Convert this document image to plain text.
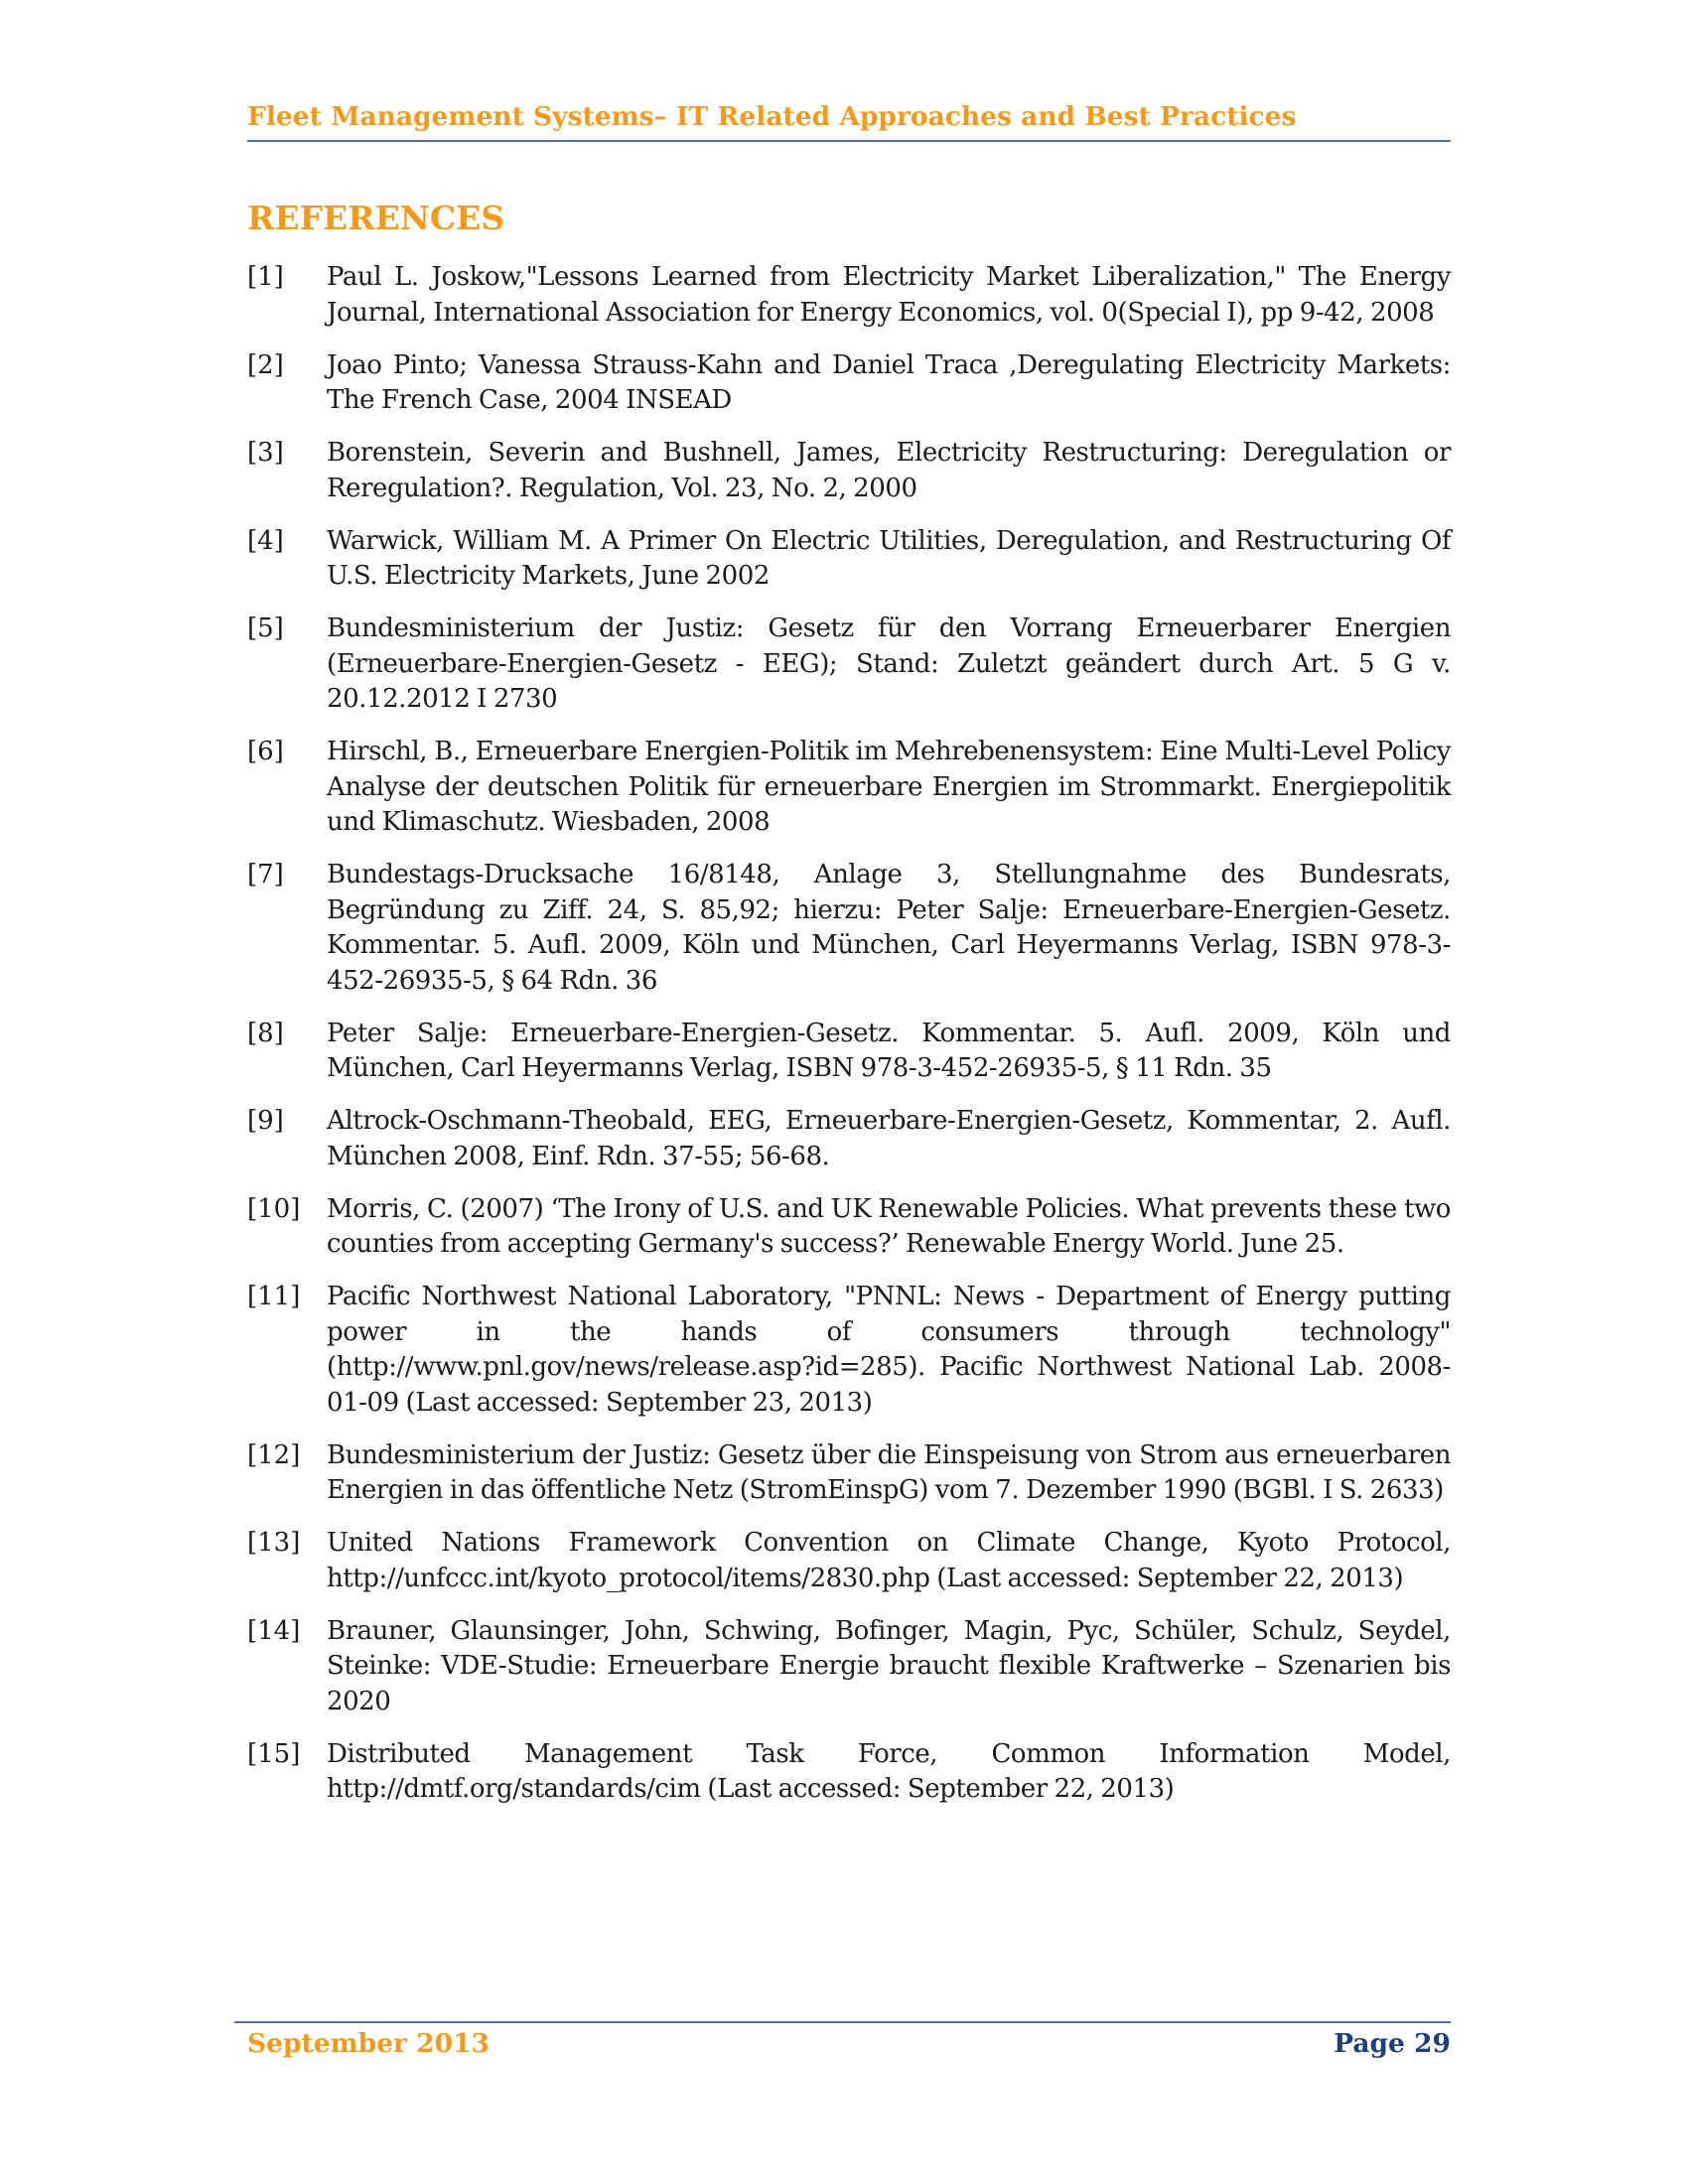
Fleet Management Systems– IT Related Approaches and Best Practices
REFERENCES
[1]	Paul L. Joskow,"Lessons Learned from Electricity Market Liberalization," The Energy Journal, International Association for Energy Economics, vol. 0(Special I), pp 9-42, 2008
[2]	Joao Pinto; Vanessa Strauss-Kahn and Daniel Traca ,Deregulating Electricity Markets: The French Case, 2004 INSEAD
[3]	Borenstein, Severin and Bushnell, James, Electricity Restructuring: Deregulation or Reregulation?. Regulation, Vol. 23, No. 2, 2000
[4]	Warwick, William M. A Primer On Electric Utilities, Deregulation, and Restructuring Of U.S. Electricity Markets, June 2002
[5]	Bundesministerium der Justiz: Gesetz für den Vorrang Erneuerbarer Energien (Erneuerbare-Energien-Gesetz - EEG); Stand: Zuletzt geändert durch Art. 5 G v. 20.12.2012 I 2730
[6]	Hirschl, B., Erneuerbare Energien-Politik im Mehrebenensystem: Eine Multi-Level Policy Analyse der deutschen Politik für erneuerbare Energien im Strommarkt. Energiepolitik und Klimaschutz. Wiesbaden, 2008
[7]	Bundestags-Drucksache 16/8148, Anlage 3, Stellungnahme des Bundesrats, Begründung zu Ziff. 24, S. 85,92; hierzu: Peter Salje: Erneuerbare-Energien-Gesetz. Kommentar. 5. Aufl. 2009, Köln und München, Carl Heyermanns Verlag, ISBN 978-3-452-26935-5, § 64 Rdn. 36
[8]	Peter Salje: Erneuerbare-Energien-Gesetz. Kommentar. 5. Aufl. 2009, Köln und München, Carl Heyermanns Verlag, ISBN 978-3-452-26935-5, § 11 Rdn. 35
[9]	Altrock-Oschmann-Theobald, EEG, Erneuerbare-Energien-Gesetz, Kommentar, 2. Aufl. München 2008, Einf. Rdn. 37-55; 56-68.
[10]	Morris, C. (2007) ‘The Irony of U.S. and UK Renewable Policies. What prevents these two counties from accepting Germany's success?’ Renewable Energy World. June 25.
[11]	Pacific Northwest National Laboratory, "PNNL: News - Department of Energy putting power in the hands of consumers through technology" (http://www.pnl.gov/news/release.asp?id=285). Pacific Northwest National Lab. 2008-01-09 (Last accessed: September 23, 2013)
[12]	Bundesministerium der Justiz: Gesetz über die Einspeisung von Strom aus erneuerbaren Energien in das öffentliche Netz (StromEinspG) vom 7. Dezember 1990 (BGBl. I S. 2633)
[13]	United Nations Framework Convention on Climate Change, Kyoto Protocol, http://unfccc.int/kyoto_protocol/items/2830.php (Last accessed: September 22, 2013)
[14]	Brauner, Glaunsinger, John, Schwing, Bofinger, Magin, Pyc, Schüler, Schulz, Seydel, Steinke: VDE-Studie: Erneuerbare Energie braucht flexible Kraftwerke – Szenarien bis 2020
[15]	Distributed Management Task Force, Common Information Model, http://dmtf.org/standards/cim (Last accessed: September 22, 2013)
September 2013	Page 29
